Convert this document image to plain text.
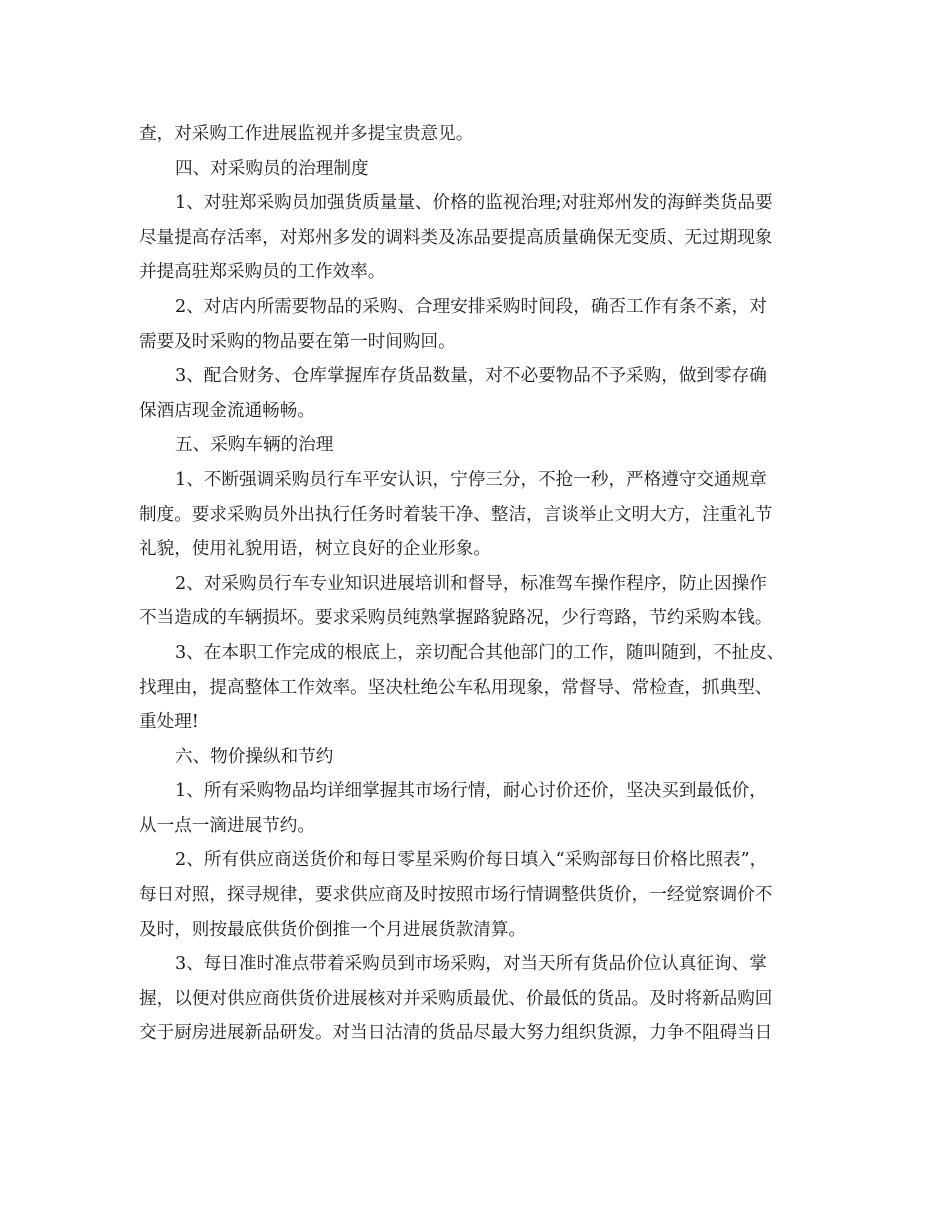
查，对采购工作进展监视并多提宝贵意见。
四、对采购员的治理制度
1、对驻郑采购员加强货质量量、价格的监视治理;对驻郑州发的海鲜类货品要
尽量提高存活率，对郑州多发的调料类及冻品要提高质量确保无变质、无过期现象
并提高驻郑采购员的工作效率。
2、对店内所需要物品的采购、合理安排采购时间段，确否工作有条不紊，对
需要及时采购的物品要在第一时间购回。
3、配合财务、仓库掌握库存货品数量，对不必要物品不予采购，做到零存确
保酒店现金流通畅畅。
五、采购车辆的治理
1、不断强调采购员行车平安认识，宁停三分，不抢一秒，严格遵守交通规章
制度。要求采购员外出执行任务时着装干净、整洁，言谈举止文明大方，注重礼节
礼貌，使用礼貌用语，树立良好的企业形象。
2、对采购员行车专业知识进展培训和督导，标准驾车操作程序，防止因操作
不当造成的车辆损坏。要求采购员纯熟掌握路貌路况，少行弯路，节约采购本钱。
3、在本职工作完成的根底上，亲切配合其他部门的工作，随叫随到，不扯皮、
找理由，提高整体工作效率。坚决杜绝公车私用现象，常督导、常检查，抓典型、
重处理!
六、物价操纵和节约
1、所有采购物品均详细掌握其市场行情，耐心讨价还价，坚决买到最低价，
从一点一滴进展节约。
2、所有供应商送货价和每日零星采购价每日填入“采购部每日价格比照表”，
每日对照，探寻规律，要求供应商及时按照市场行情调整供货价，一经觉察调价不
及时，则按最底供货价倒推一个月进展货款清算。
3、每日准时准点带着采购员到市场采购，对当天所有货品价位认真征询、掌
握，以便对供应商供货价进展核对并采购质最优、价最低的货品。及时将新品购回
交于厨房进展新品研发。对当日沽清的货品尽最大努力组织货源，力争不阻碍当日
